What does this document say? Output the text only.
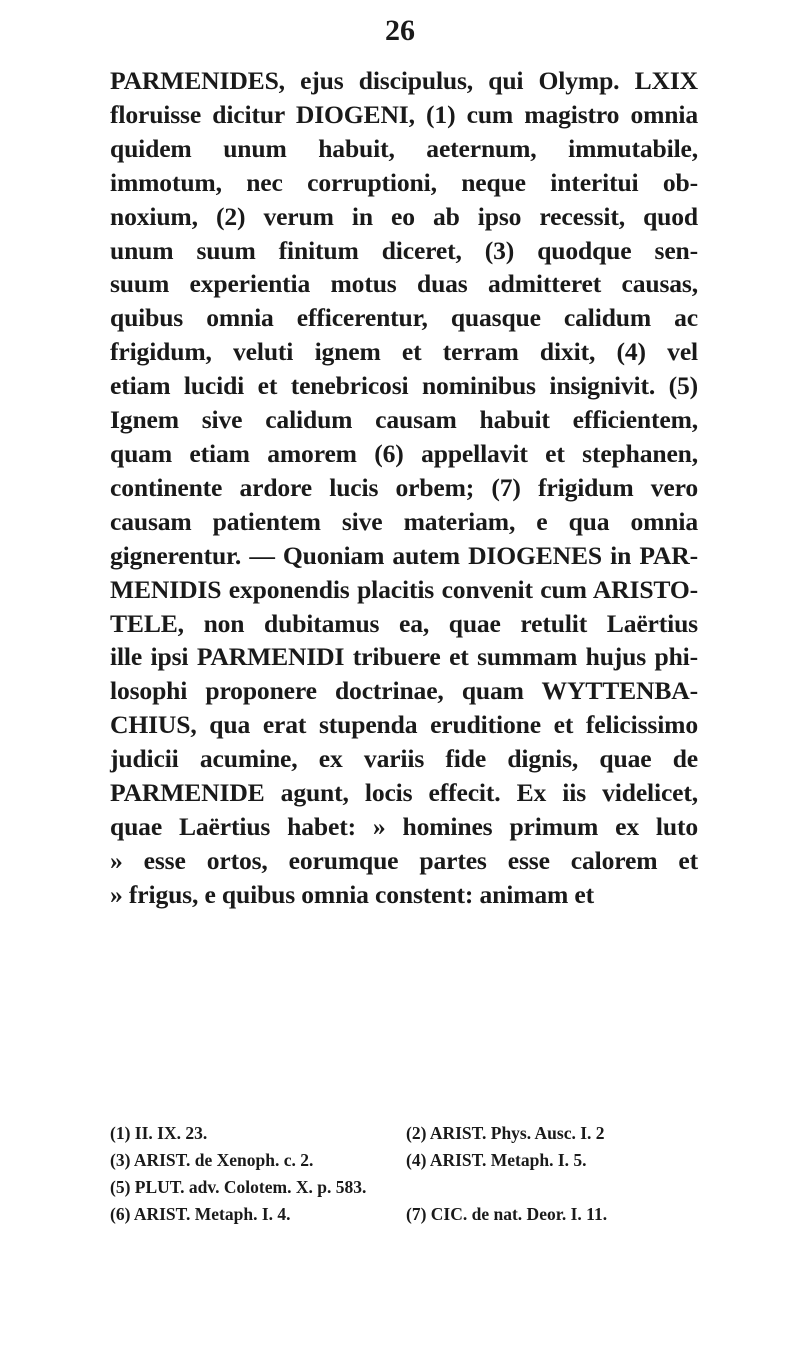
26
PARMENIDES, ejus discipulus, qui Olymp. LXIX
floruisse dicitur DIOGENI, (1) cum magistro omnia
quidem unum habuit, aeternum, immutabile,
immotum, nec corruptioni, neque interitui ob-
noxium, (2) verum in eo ab ipso recessit, quod
unum suum finitum diceret, (3) quodque sen-
suum experientia motus duas admitteret causas,
quibus omnia efficerentur, quasque calidum ac
frigidum, veluti ignem et terram dixit, (4) vel
etiam lucidi et tenebricosi nominibus insignivit. (5)
Ignem sive calidum causam habuit efficientem,
quam etiam amorem (6) appellavit et stephanen,
continente ardore lucis orbem; (7) frigidum vero
causam patientem sive materiam, e qua omnia
gignerentur. — Quoniam autem DIOGENES in PAR-
MENIDIS exponendis placitis convenit cum ARISTO-
TELE, non dubitamus ea, quae retulit Laërtius
ille ipsi PARMENIDI tribuere et summam hujus phi-
losophi proponere doctrinae, quam WYTTENBA-
CHIUS, qua erat stupenda eruditione et felicissimo
judicii acumine, ex variis fide dignis, quae de
PARMENIDE agunt, locis effecit. Ex iis videlicet,
quae Laërtius habet: » homines primum ex luto
» esse ortos, eorumque partes esse calorem et
» frigus, e quibus omnia constent: animam et
(1) II. IX. 23.	(2) ARIST. Phys. Ausc. I. 2
(3) ARIST. de Xenoph. c. 2.	(4) ARIST. Metaph. I. 5.
(5) PLUT. adv. Colotem. X. p. 583.
(6) ARIST. Metaph. I. 4.	(7) CIC. de nat. Deor. I. 11.
